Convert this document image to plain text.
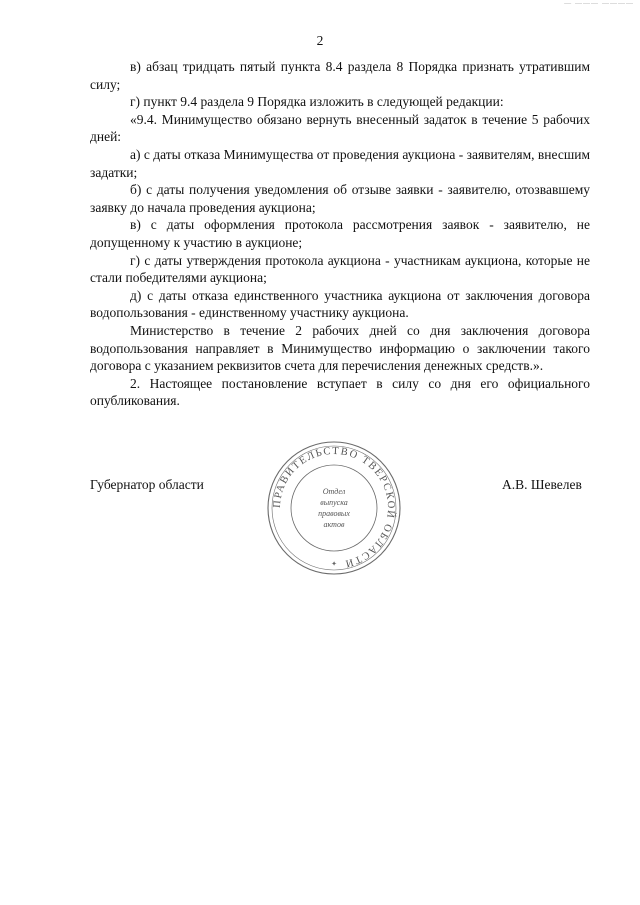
— ——— ————
2

в) абзац тридцать пятый пункта 8.4 раздела 8 Порядка признать утратившим силу;

г) пункт 9.4 раздела 9 Порядка изложить в следующей редакции:

«9.4. Минимущество обязано вернуть внесенный задаток в течение 5 рабочих дней:

а) с даты отказа Минимущества от проведения аукциона - заявителям, внесшим задатки;

б) с даты получения уведомления об отзыве заявки - заявителю, отозвавшему заявку до начала проведения аукциона;

в) с даты оформления протокола рассмотрения заявок - заявителю, не допущенному к участию в аукционе;

г) с даты утверждения протокола аукциона - участникам аукциона, которые не стали победителями аукциона;

д) с даты отказа единственного участника аукциона от заключения договора водопользования - единственному участнику аукциона.

Министерство в течение 2 рабочих дней со дня заключения договора водопользования направляет в Минимущество информацию о заключении такого договора с указанием реквизитов счета для перечисления денежных средств.».

2. Настоящее постановление вступает в силу со дня его официального опубликования.

Губернатор области
ПРАВИТЕЛЬСТВО ТВЕРСКОЙ ОБЛАСТИ
✦
Отдел
выпуска
правовых
актов
А.В. Шевелев
